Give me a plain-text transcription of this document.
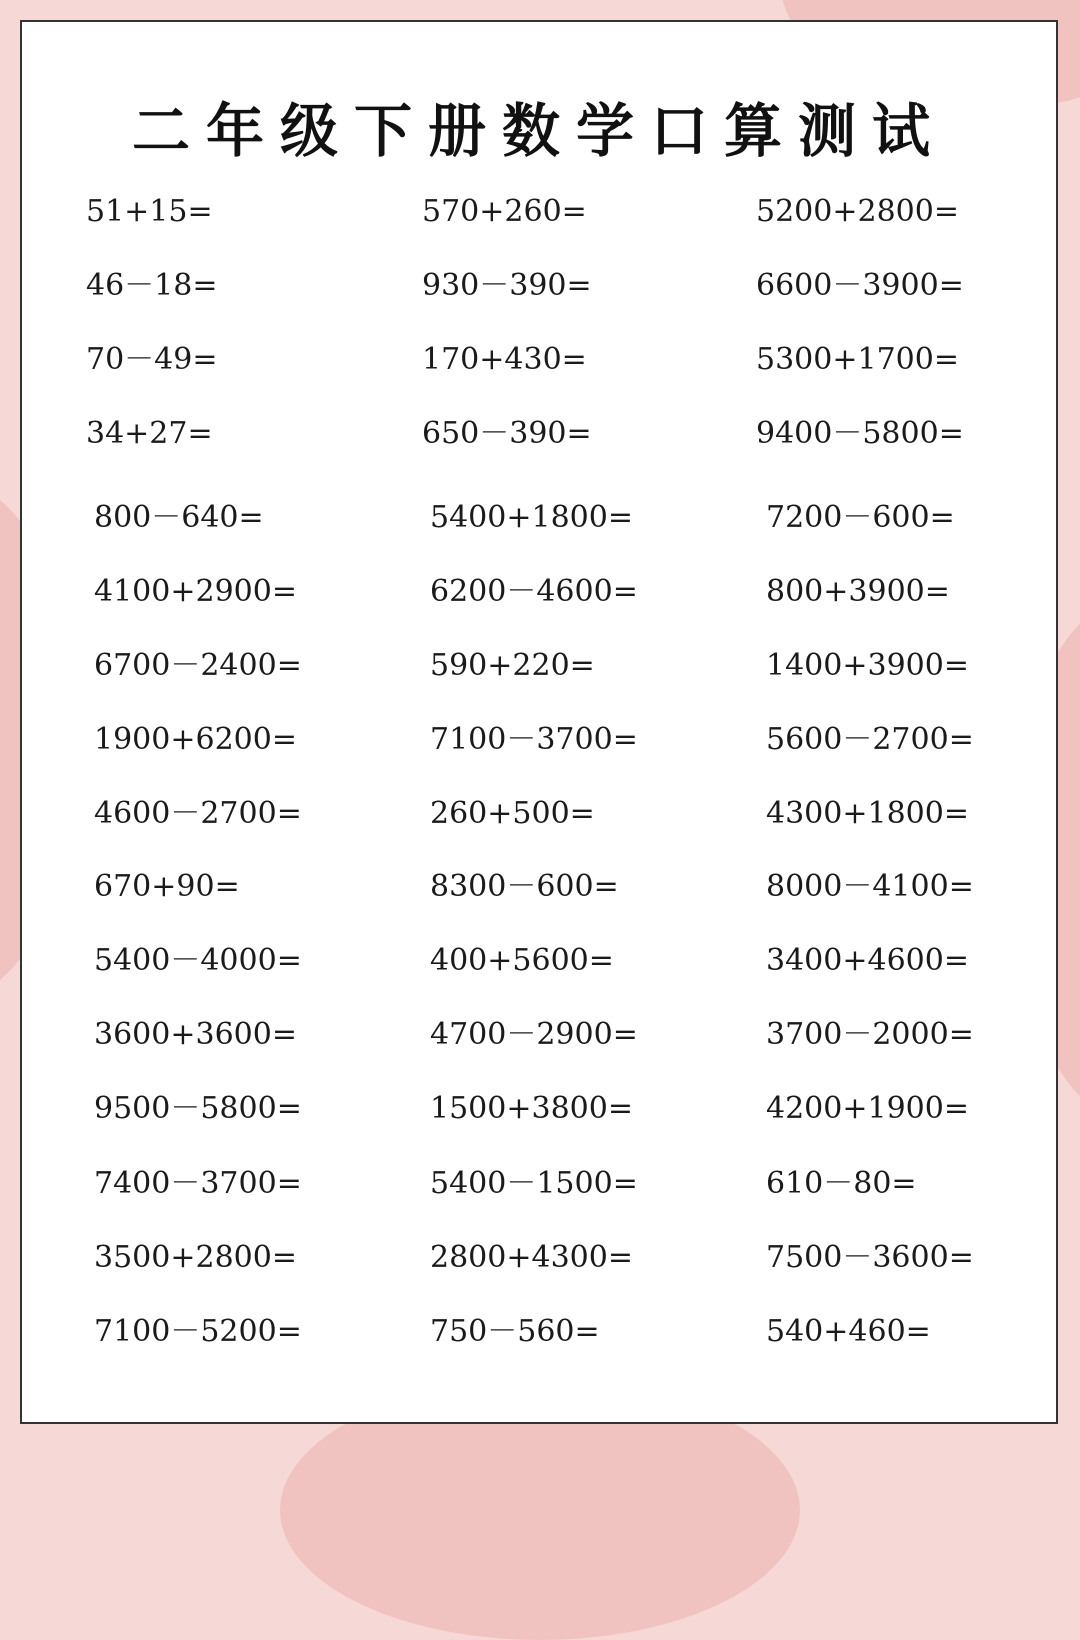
二年级下册数学口算测试
51+15=	570+260=	5200+2800=
46－18=	930－390=	6600－3900=
70－49=	170+430=	5300+1700=
34+27=	650－390=	9400－5800=
800－640=	5400+1800=	7200－600=
4100+2900=	6200－4600=	800+3900=
6700－2400=	590+220=	1400+3900=
1900+6200=	7100－3700=	5600－2700=
4600－2700=	260+500=	4300+1800=
670+90=	8300－600=	8000－4100=
5400－4000=	400+5600=	3400+4600=
3600+3600=	4700－2900=	3700－2000=
9500－5800=	1500+3800=	4200+1900=
7400－3700=	5400－1500=	610－80=
3500+2800=	2800+4300=	7500－3600=
7100－5200=	750－560=	540+460=
